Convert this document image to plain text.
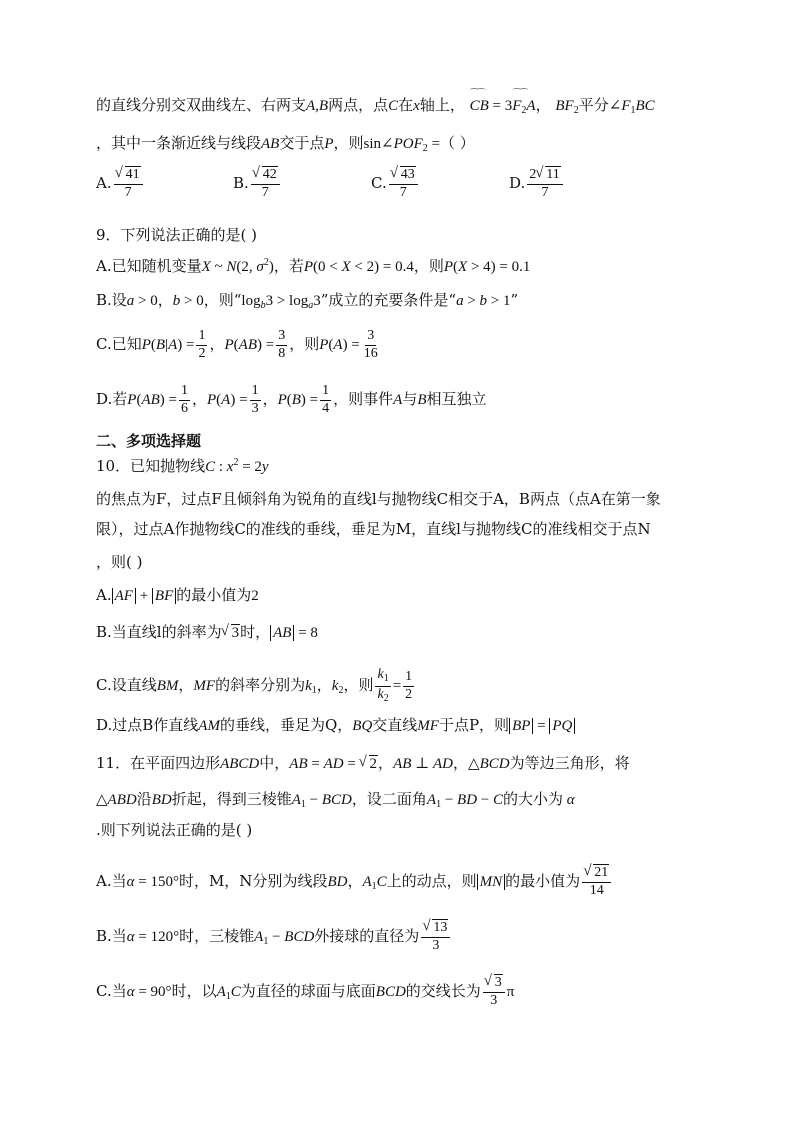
的直线分别交双曲线左、右两支A,B两点，点C在x轴上， ⌒⌒ CB = 3⌒⌒ $F_2A$， $BF_2$平分$\angle F_1BC$
，其中一条渐近线与线段AB交于点P，则$\sin\angle POF_2$ =（ ）
A. √ $\frac{41}{7}$	B. √ $\frac{42}{7}$	C. √ $\frac{43}{7}$	D. $\frac{2 √ 11}{7}$
9．下列说法正确的是( )
A.已知随机变量X ~ N(2, $\sigma^2$)，若P(0 < X < 2) = 0.4，则P(X > 4) = 0.1
B.设a > 0，b > 0，则“$\log_b3 > \log_a3$”成立的充要条件是“a > b > 1”
C.已知$P(B|A) = \frac{1}{2}$ ，$P(AB) = \frac{3}{8}$ ，则$P(A) = \frac{3}{16}$
D.若$P(AB) = \frac{1}{6}$ ，$P(A) = \frac{1}{3}$ ，$P(B) = \frac{1}{4}$ ，则事件A与B相互独立
二、多项选择题
10．已知抛物线C : $x^2 = 2y$
的焦点为F，过点F且倾斜角为锐角的直线l与抛物线C相交于A，B两点（点A在第一象
限），过点A作抛物线C的准线的垂线，垂足为M，直线l与抛物线C的准线相交于点N
，则( )
A. AF + BF 的最小值为2
B.当直线l的斜率为 √ 3时， AB = 8
C.设直线BM，MF的斜率分别为$k_1$，$k_2$，则 $\frac{k_1}{k_2} = \frac{1}{2}$
D.过点B作直线AM的垂线，垂足为Q，BQ交直线MF于点P，则 BP = PQ
11．在平面四边形ABCD中，AB = AD = √ 2，AB ⊥ AD，△BCD为等边三角形，将
△ABD沿BD折起，得到三棱锥$A_1$ − BCD，设二面角$A_1$ − BD − C的大小为 α
.则下列说法正确的是( )
A.当α = 150°时，M，N分别为线段BD，$A_1C$上的动点，则 MN 的最小值为 √ $\frac{21}{14}$
B.当α = 120°时，三棱锥$A_1$ − BCD外接球的直径为 √ $\frac{13}{3}$
C.当α = 90°时，以$A_1C$为直径的球面与底面BCD的交线长为 √ $\frac{3}{3}$ π
